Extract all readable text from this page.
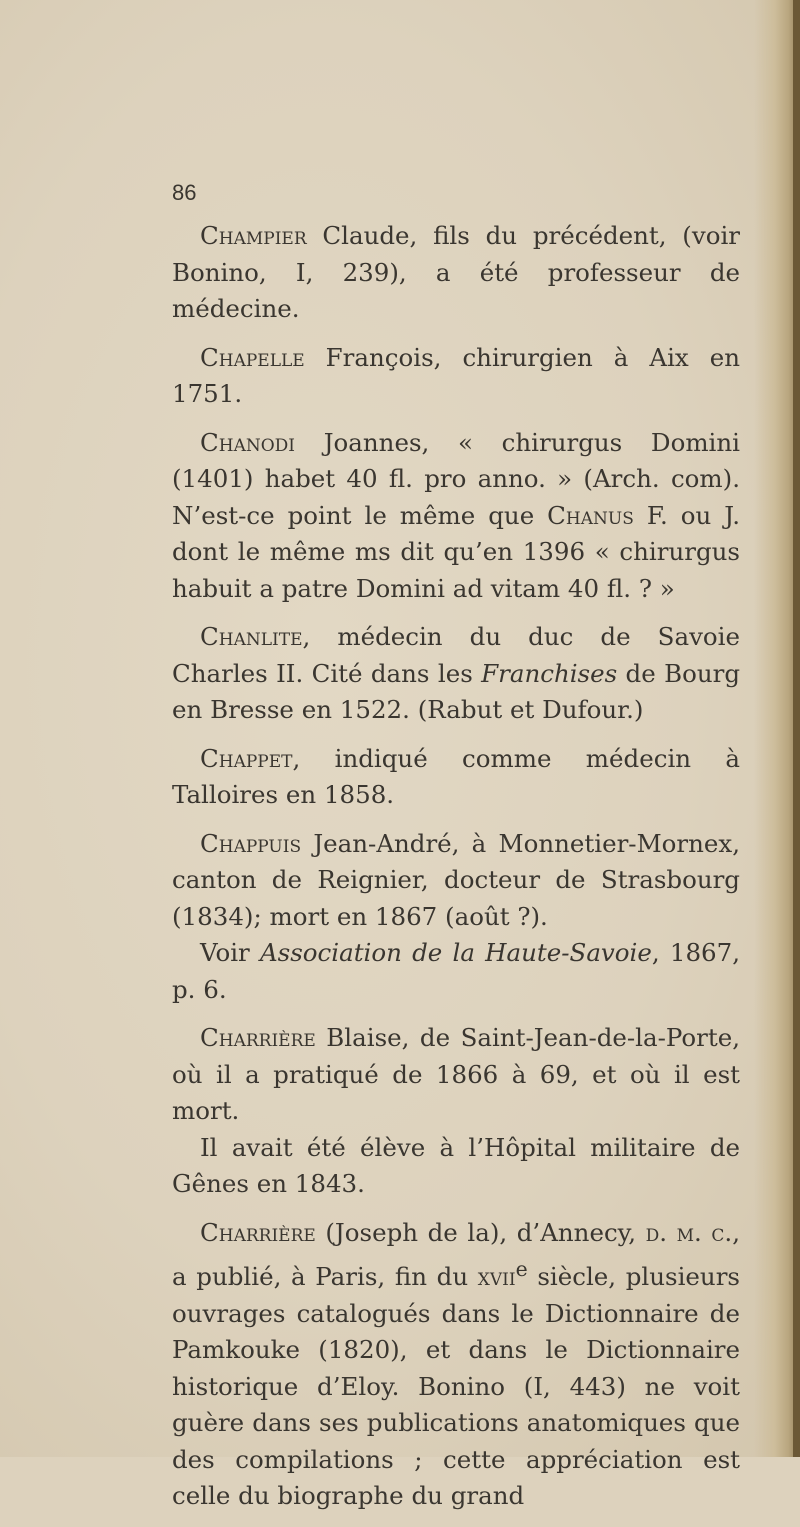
86

Champier Claude, fils du précédent, (voir Bonino, I, 239), a été professeur de médecine.

Chapelle François, chirurgien à Aix en 1751.

Chanodi Joannes, « chirurgus Domini (1401) habet 40 fl. pro anno. » (Arch. com). N’est-ce point le même que Chanus F. ou J. dont le même ms dit qu’en 1396 « chirurgus habuit a patre Domini ad vitam 40 fl. ? »

Chanlite, médecin du duc de Savoie Charles II. Cité dans les Franchises de Bourg en Bresse en 1522. (Rabut et Dufour.)

Chappet, indiqué comme médecin à Talloires en 1858.

Chappuis Jean-André, à Monnetier-Mornex, canton de Reignier, docteur de Strasbourg (1834); mort en 1867 (août ?).

Voir Association de la Haute-Savoie, 1867, p. 6.

Charrière Blaise, de Saint-Jean-de-la-Porte, où il a pratiqué de 1866 à 69, et où il est mort.

Il avait été élève à l’Hôpital militaire de Gênes en 1843.

Charrière (Joseph de la), d’Annecy, d. m. c., a publié, à Paris, fin du xvii$^e$ siècle, plusieurs ouvrages catalogués dans le Dictionnaire de Pamkouke (1820), et dans le Dictionnaire historique d’Eloy. Bonino (I, 443) ne voit guère dans ses publications anatomiques que des compilations ; cette appréciation est celle du biographe du grand
